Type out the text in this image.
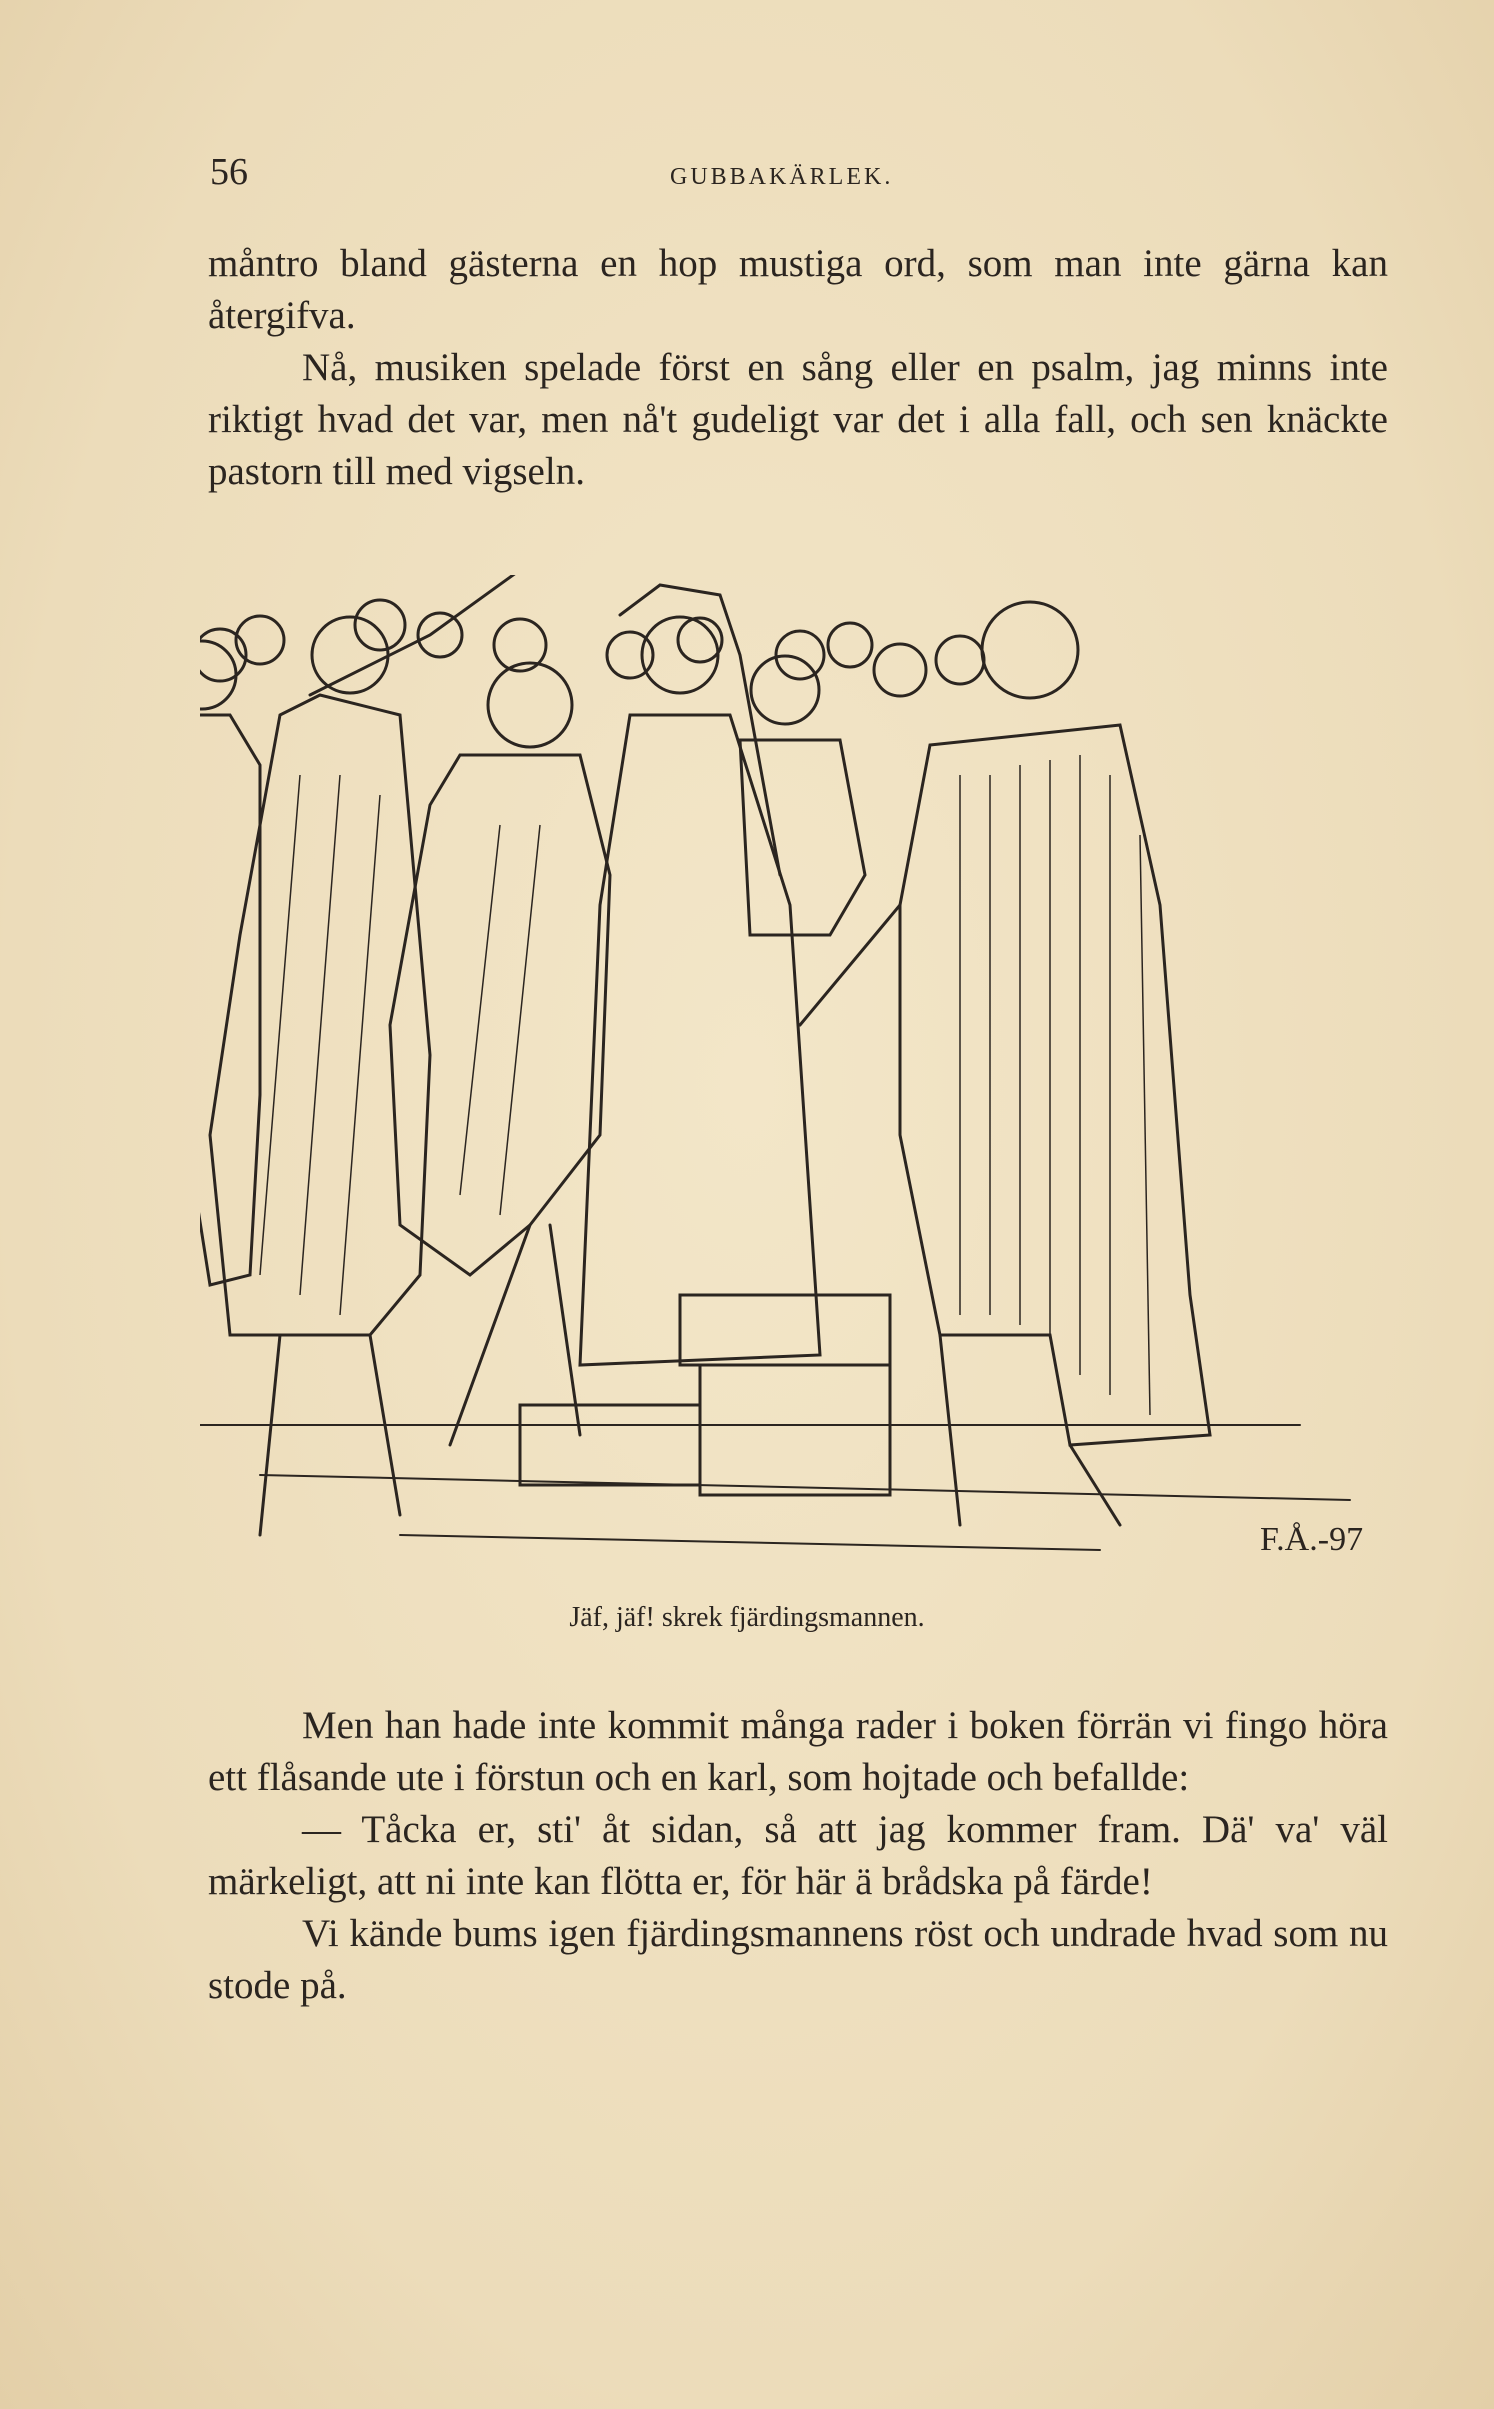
56	GUBBAKÄRLEK.

måntro bland gästerna en hop mustiga ord, som man inte gärna kan återgifva.

Nå, musiken spelade först en sång eller en psalm, jag minns inte riktigt hvad det var, men nå't gudeligt var det i alla fall, och sen knäckte pastorn till med vigseln.

F.Å.-97
Jäf, jäf! skrek fjärdingsmannen.

Men han hade inte kommit många rader i boken förrän vi fingo höra ett flåsande ute i förstun och en karl, som hojtade och befallde:

— Tåcka er, sti' åt sidan, så att jag kommer fram. Dä' va' väl märkeligt, att ni inte kan flötta er, för här ä brådska på färde!

Vi kände bums igen fjärdingsmannens röst och undrade hvad som nu stode på.
